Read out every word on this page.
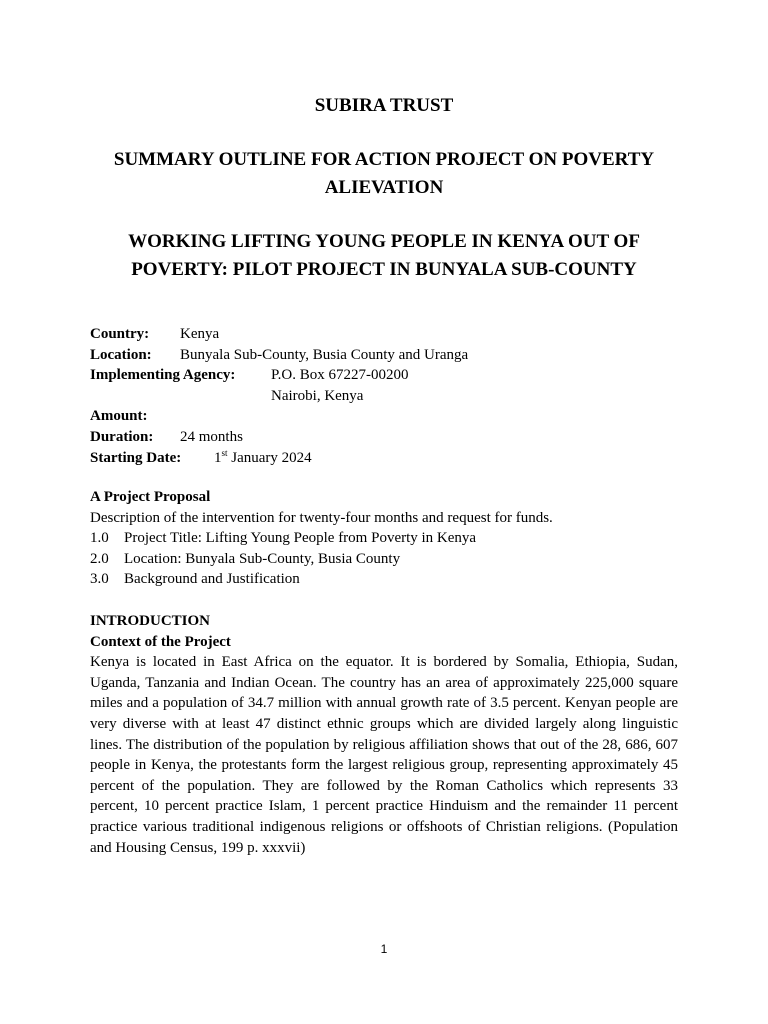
SUBIRA TRUST
SUMMARY OUTLINE FOR ACTION PROJECT ON POVERTY
ALIEVATION
WORKING LIFTING YOUNG PEOPLE IN KENYA OUT OF
POVERTY: PILOT PROJECT IN BUNYALA SUB-COUNTY
Country: Kenya
Location: Bunyala Sub-County, Busia County and Uranga
Implementing Agency: P.O. Box 67227-00200
Nairobi, Kenya
Amount:
Duration: 24 months
Starting Date: 1st January 2024
A Project Proposal
Description of the intervention for twenty-four months and request for funds.
1.0 Project Title: Lifting Young People from Poverty in Kenya
2.0 Location: Bunyala Sub-County, Busia County
3.0 Background and Justification
INTRODUCTION
Context of the Project
Kenya is located in East Africa on the equator. It is bordered by Somalia, Ethiopia, Sudan, Uganda, Tanzania and Indian Ocean. The country has an area of approximately 225,000 square miles and a population of 34.7 million with annual growth rate of 3.5 percent. Kenyan people are very diverse with at least 47 distinct ethnic groups which are divided largely along linguistic lines. The distribution of the population by religious affiliation shows that out of the 28, 686, 607 people in Kenya, the protestants form the largest religious group, representing approximately 45 percent of the population. They are followed by the Roman Catholics which represents 33 percent, 10 percent practice Islam, 1 percent practice Hinduism and the remainder 11 percent practice various traditional indigenous religions or offshoots of Christian religions. (Population and Housing Census, 199 p. xxxvii)
1
